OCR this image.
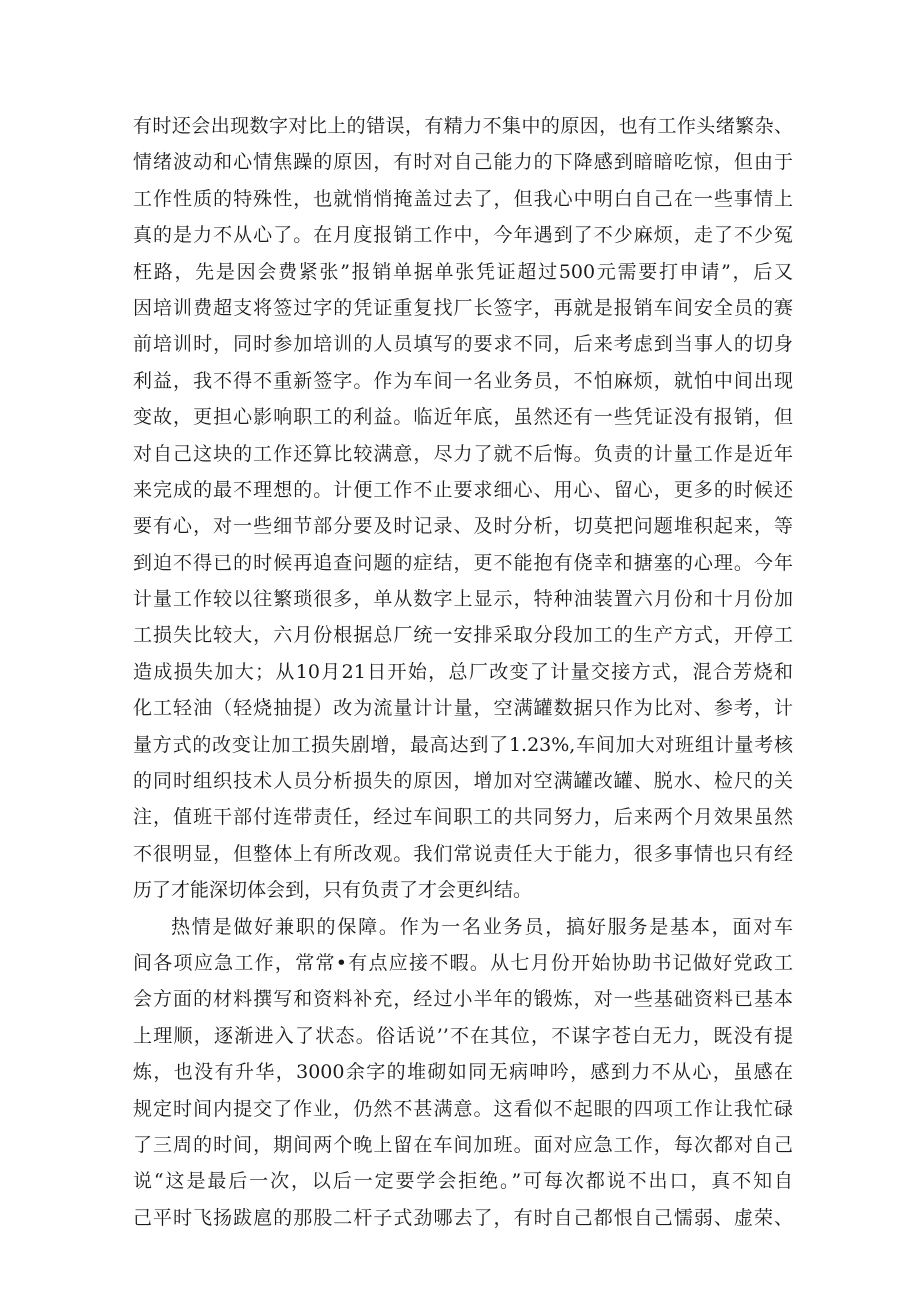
有时还会出现数字对比上的错误，有精力不集中的原因，也有工作头绪繁杂、
情绪波动和心情焦躁的原因，有时对自己能力的下降感到暗暗吃惊，但由于
工作性质的特殊性，也就悄悄掩盖过去了，但我心中明白自己在一些事情上
真的是力不从心了。在月度报销工作中，今年遇到了不少麻烦，走了不少冤
枉路，先是因会费紧张”报销单据单张凭证超过500元需要打申请”，后又
因培训费超支将签过字的凭证重复找厂长签字，再就是报销车间安全员的赛
前培训时，同时参加培训的人员填写的要求不同，后来考虑到当事人的切身
利益，我不得不重新签字。作为车间一名业务员，不怕麻烦，就怕中间出现
变故，更担心影响职工的利益。临近年底，虽然还有一些凭证没有报销，但
对自己这块的工作还算比较满意，尽力了就不后悔。负责的计量工作是近年
来完成的最不理想的。计便工作不止要求细心、用心、留心，更多的时候还
要有心，对一些细节部分要及时记录、及时分析，切莫把问题堆积起来，等
到迫不得已的时候再追查问题的症结，更不能抱有侥幸和搪塞的心理。今年
计量工作较以往繁琐很多，单从数字上显示，特种油装置六月份和十月份加
工损失比较大，六月份根据总厂统一安排采取分段加工的生产方式，开停工
造成损失加大；从10月21日开始，总厂改变了计量交接方式，混合芳烧和
化工轻油（轻烧抽提）改为流量计计量，空满罐数据只作为比对、参考，计
量方式的改变让加工损失剧增，最高达到了1.23%,车间加大对班组计量考核
的同时组织技术人员分析损失的原因，增加对空满罐改罐、脱水、检尺的关
注，值班干部付连带责任，经过车间职工的共同努力，后来两个月效果虽然
不很明显，但整体上有所改观。我们常说责任大于能力，很多事情也只有经
历了才能深切体会到，只有负责了才会更纠结。
热情是做好兼职的保障。作为一名业务员，搞好服务是基本，面对车
间各项应急工作，常常•有点应接不暇。从七月份开始协助书记做好党政工
会方面的材料撰写和资料补充，经过小半年的锻炼，对一些基础资料已基本
上理顺，逐渐进入了状态。俗话说’’不在其位，不谋字苍白无力，既没有提
炼，也没有升华，3000余字的堆砌如同无病呻吟，感到力不从心，虽感在
规定时间内提交了作业，仍然不甚满意。这看似不起眼的四项工作让我忙碌
了三周的时间，期间两个晚上留在车间加班。面对应急工作，每次都对自己
说“这是最后一次，以后一定要学会拒绝。”可每次都说不出口，真不知自
己平时飞扬跋扈的那股二杆子式劲哪去了，有时自己都恨自己懦弱、虚荣、
